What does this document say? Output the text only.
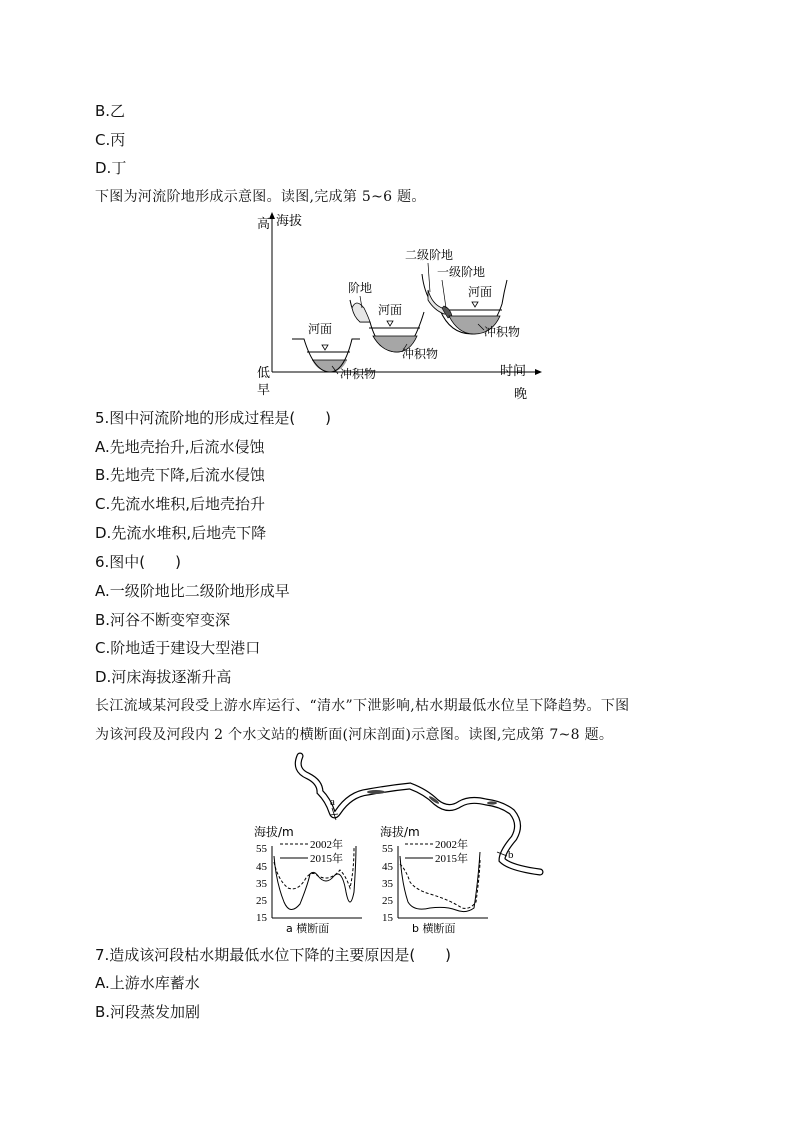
B.乙
C.丙
D.丁
下图为河流阶地形成示意图。读图,完成第 5~6 题。
高 海拔
低
早
时间
晚
河面
冲积物
阶地
河面
冲积物
二级阶地
一级阶地
河面
冲积物
5.图中河流阶地的形成过程是(　　)
A.先地壳抬升,后流水侵蚀
B.先地壳下降,后流水侵蚀
C.先流水堆积,后地壳抬升
D.先流水堆积,后地壳下降
6.图中(　　)
A.一级阶地比二级阶地形成早
B.河谷不断变窄变深
C.阶地适于建设大型港口
D.河床海拔逐渐升高
长江流域某河段受上游水库运行、“清水”下泄影响,枯水期最低水位呈下降趋势。下图
为该河段及河段内 2 个水文站的横断面(河床剖面)示意图。读图,完成第 7~8 题。
a
b
海拔/m
55
45
35
25
15
2002年
2015年
a 横断面
海拔/m
55
45
35
25
15
2002年
2015年
b 横断面
7.造成该河段枯水期最低水位下降的主要原因是(　　)
A.上游水库蓄水
B.河段蒸发加剧
